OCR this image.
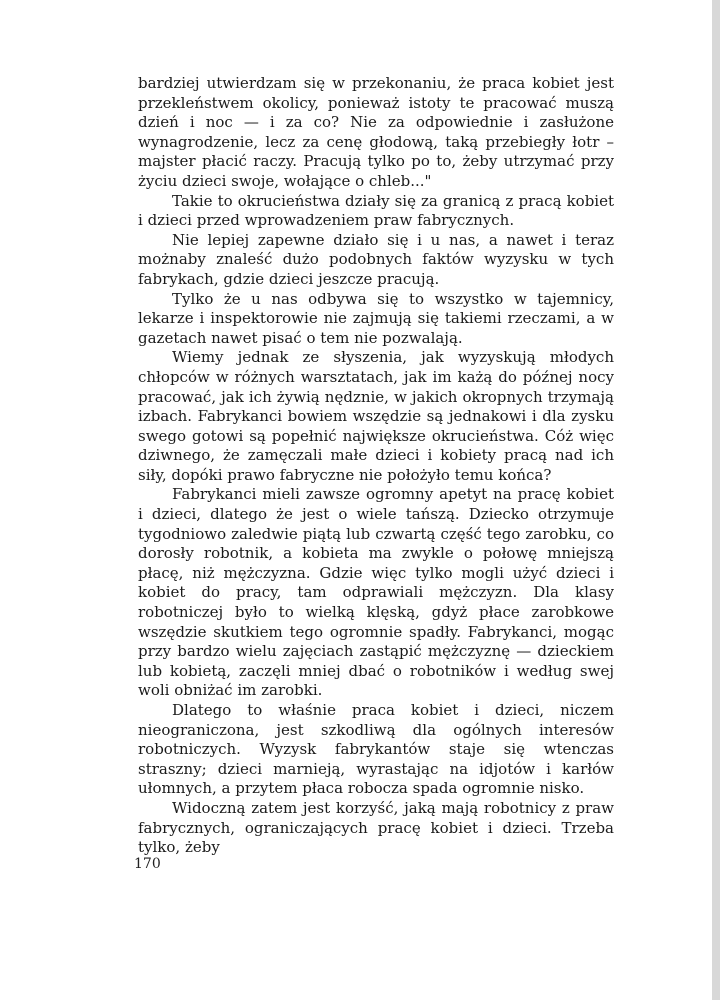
bardziej utwierdzam się w przekonaniu, że praca kobiet jest przekleństwem okolicy, ponieważ istoty te pracować muszą dzień i noc — i za co? Nie za odpowiednie i zasłużone wynagrodzenie, lecz za cenę głodową, taką przebiegły łotr – majster płacić raczy. Pracują tylko po to, żeby utrzymać przy życiu dzieci swoje, wołające o chleb..."

Takie to okrucieństwa działy się za granicą z pracą kobiet i dzieci przed wprowadzeniem praw fabrycznych.

Nie lepiej zapewne działo się i u nas, a nawet i teraz możnaby znaleść dużo podobnych faktów wyzysku w tych fabrykach, gdzie dzieci jeszcze pracują.

Tylko że u nas odbywa się to wszystko w tajemnicy, lekarze i inspektorowie nie zajmują się takiemi rzeczami, a w gazetach nawet pisać o tem nie pozwalają.

Wiemy jednak ze słyszenia, jak wyzyskują młodych chłopców w różnych warsztatach, jak im każą do późnej nocy pracować, jak ich żywią nędznie, w jakich okropnych trzymają izbach. Fabrykanci bowiem wszędzie są jednakowi i dla zysku swego gotowi są popełnić największe okrucieństwa. Cóż więc dziwnego, że zamęczali małe dzieci i kobiety pracą nad ich siły, dopóki prawo fabryczne nie położyło temu końca?

Fabrykanci mieli zawsze ogromny apetyt na pracę kobiet i dzieci, dlatego że jest o wiele tańszą. Dziecko otrzymuje tygodniowo zaledwie piątą lub czwartą część tego zarobku, co dorosły robotnik, a kobieta ma zwykle o połowę mniejszą płacę, niż mężczyzna. Gdzie więc tylko mogli użyć dzieci i kobiet do pracy, tam odprawiali mężczyzn. Dla klasy robotniczej było to wielką klęską, gdyż płace zarobkowe wszędzie skutkiem tego ogromnie spadły. Fabrykanci, mogąc przy bardzo wielu zajęciach zastąpić mężczyznę — dzieckiem lub kobietą, zaczęli mniej dbać o robotników i według swej woli obniżać im zarobki.

Dlatego to właśnie praca kobiet i dzieci, niczem nieograniczona, jest szkodliwą dla ogólnych interesów robotniczych. Wyzysk fabrykantów staje się wtenczas straszny; dzieci marnieją, wyrastając na idjotów i karłów ułomnych, a przytem płaca robocza spada ogromnie nisko.

Widoczną zatem jest korzyść, jaką mają robotnicy z praw fabrycznych, ograniczających pracę kobiet i dzieci. Trzeba tylko, żeby

170
